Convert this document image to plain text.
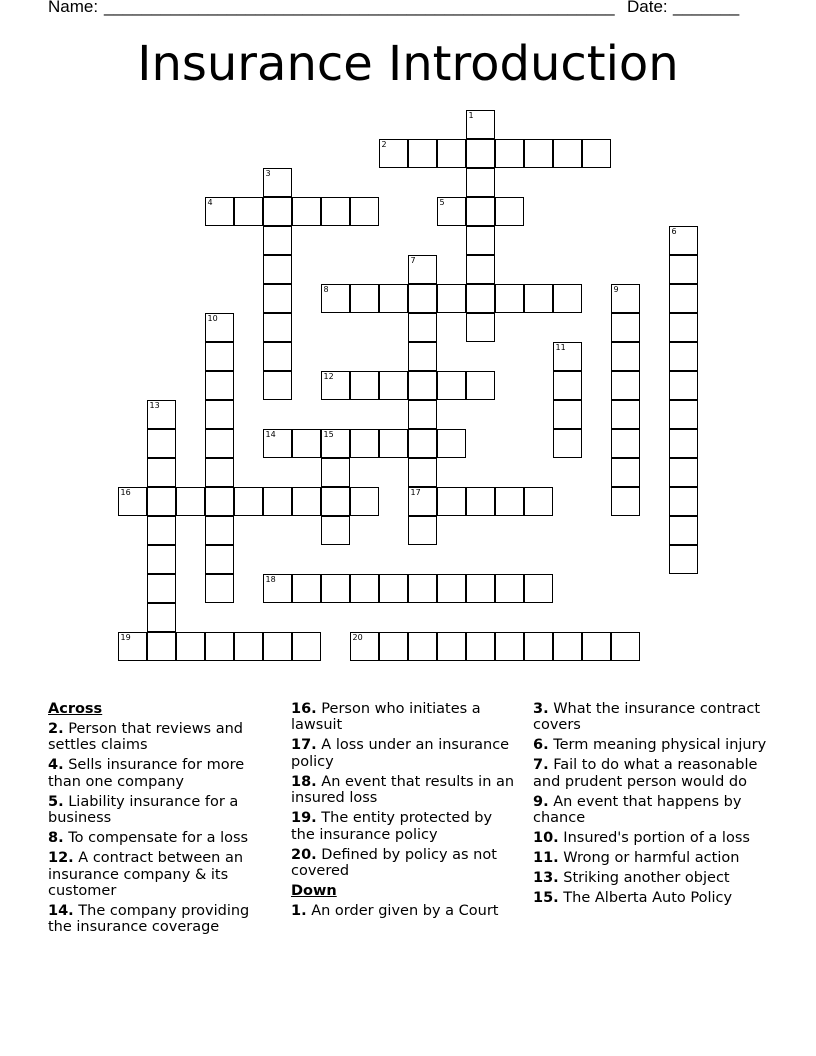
Name: ______________________________________________________ Date: _______
Insurance Introduction
1
2
3
4	5
6
7
17
8	9
10
11
12
13
14	15
16
18
19	20
Across
2. Person that reviews and settles claims
4. Sells insurance for more than one company
5. Liability insurance for a business
8. To compensate for a loss
12. A contract between an insurance company & its customer
14. The company providing the insurance coverage
16. Person who initiates a lawsuit
17. A loss under an insurance policy
18. An event that results in an insured loss
19. The entity protected by the insurance policy
20. Defined by policy as not covered
Down
1. An order given by a Court
3. What the insurance contract covers
6. Term meaning physical injury
7. Fail to do what a reasonable and prudent person would do
9. An event that happens by chance
10. Insured's portion of a loss
11. Wrong or harmful action
13. Striking another object
15. The Alberta Auto Policy
